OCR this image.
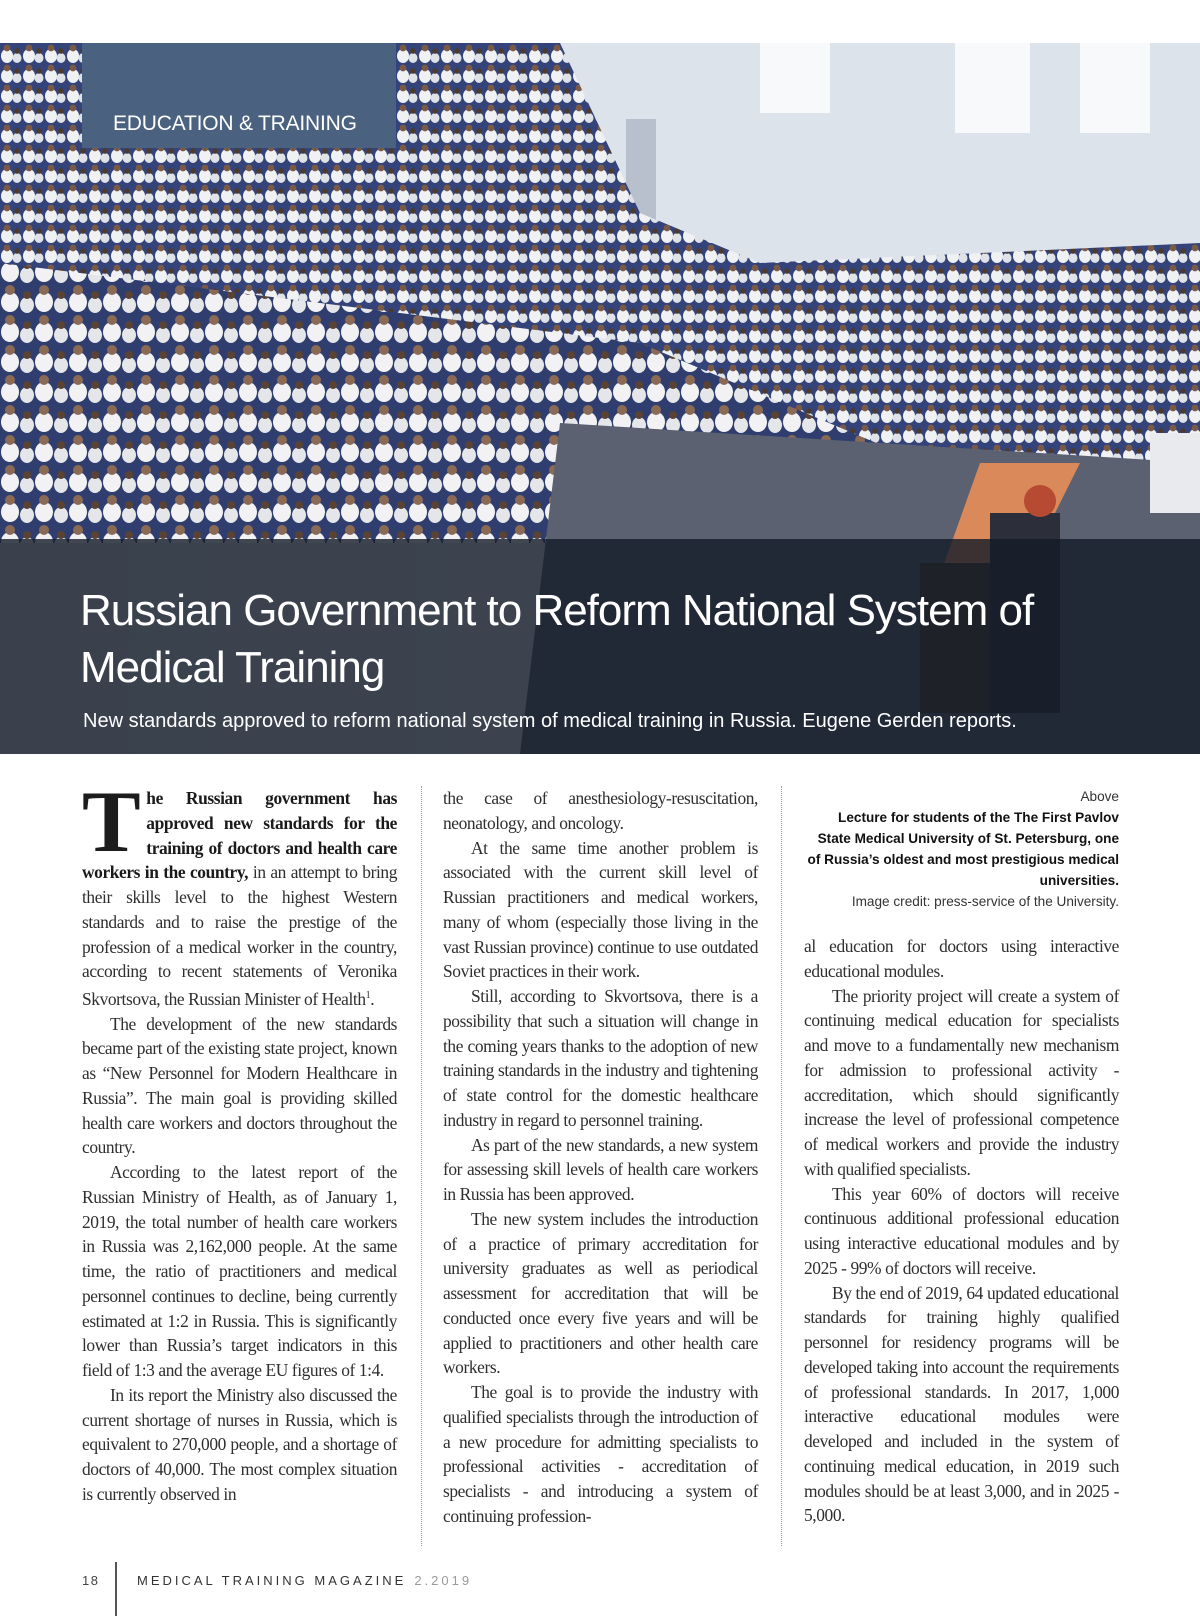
EDUCATION & TRAINING
Russian Government to Reform National System of Medical Training
New standards approved to reform national system of medical training in Russia. Eugene Gerden reports.

The Russian government has approved new standards for the training of doctors and health care workers in the country, in an attempt to bring their skills level to the highest Western standards and to raise the prestige of the profession of a medical worker in the country, according to recent statements of Veronika Skvortsova, the Russian Minister of Health$^1$.

The development of the new standards became part of the existing state project, known as “New Personnel for Modern Healthcare in Russia”. The main goal is providing skilled health care workers and doctors throughout the country.

According to the latest report of the Russian Ministry of Health, as of January 1, 2019, the total number of health care workers in Russia was 2,162,000 people. At the same time, the ratio of practitioners and medical personnel continues to decline, being currently estimated at 1:2 in Russia. This is significantly lower than Russia’s target indicators in this field of 1:3 and the average EU figures of 1:4.

In its report the Ministry also discussed the current shortage of nurses in Russia, which is equivalent to 270,000 people, and a shortage of doctors of 40,000. The most complex situation is currently observed in

the case of anesthesiology-resuscitation, neonatology, and oncology.

At the same time another problem is associated with the current skill level of Russian practitioners and medical workers, many of whom (especially those living in the vast Russian province) continue to use outdated Soviet practices in their work.

Still, according to Skvortsova, there is a possibility that such a situation will change in the coming years thanks to the adoption of new training standards in the industry and tightening of state control for the domestic healthcare industry in regard to personnel training.

As part of the new standards, a new system for assessing skill levels of health care workers in Russia has been approved.

The new system includes the introduction of a practice of primary accreditation for university graduates as well as periodical assessment for accreditation that will be conducted once every five years and will be applied to practitioners and other health care workers.

The goal is to provide the industry with qualified specialists through the introduction of a new procedure for admitting specialists to professional activities - accreditation of specialists - and introducing a system of continuing profession-

Above
Lecture for students of the The First Pavlov State Medical University of St. Petersburg, one of Russia’s oldest and most prestigious medical universities.
Image credit: press-service of the University.

al education for doctors using interactive educational modules.

The priority project will create a system of continuing medical education for specialists and move to a fundamentally new mechanism for admission to professional activity - accreditation, which should significantly increase the level of professional competence of medical workers and provide the industry with qualified specialists.

This year 60% of doctors will receive continuous additional professional education using interactive educational modules and by 2025 - 99% of doctors will receive.

By the end of 2019, 64 updated educational standards for training highly qualified personnel for residency programs will be developed taking into account the requirements of professional standards. In 2017, 1,000 interactive educational modules were developed and included in the system of continuing medical education, in 2019 such modules should be at least 3,000, and in 2025 - 5,000.

18	MEDICAL TRAINING MAGAZINE 2.2019
